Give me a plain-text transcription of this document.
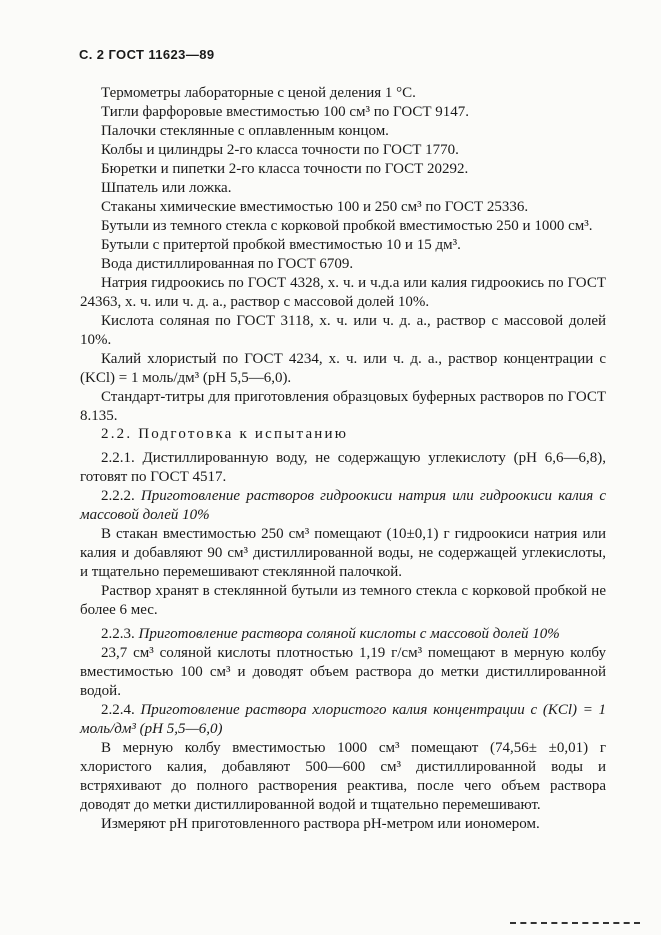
С. 2 ГОСТ 11623—89

Термометры лабораторные с ценой деления 1 °С.

Тигли фарфоровые вместимостью 100 см³ по ГОСТ 9147.

Палочки стеклянные с оплавленным концом.

Колбы и цилиндры 2-го класса точности по ГОСТ 1770.

Бюретки и пипетки 2-го класса точности по ГОСТ 20292.

Шпатель или ложка.

Стаканы химические вместимостью 100 и 250 см³ по ГОСТ 25336.

Бутыли из темного стекла с корковой пробкой вместимостью 250 и 1000 см³.

Бутыли с притертой пробкой вместимостью 10 и 15 дм³.

Вода дистиллированная по ГОСТ 6709.

Натрия гидроокись по ГОСТ 4328, х. ч. и ч.д.а или калия гидроокись по ГОСТ 24363, х. ч. или ч. д. а., раствор с массовой долей 10%.

Кислота соляная по ГОСТ 3118, х. ч. или ч. д. а., раствор с массовой долей 10%.

Калий хлористый по ГОСТ 4234, х. ч. или ч. д. а., раствор концентрации с (KCl) = 1 моль/дм³ (pH 5,5—6,0).

Стандарт-титры для приготовления образцовых буферных растворов по ГОСТ 8.135.

2.2. Подготовка к испытанию

2.2.1. Дистиллированную воду, не содержащую углекислоту (pH 6,6—6,8), готовят по ГОСТ 4517.

2.2.2. Приготовление растворов гидроокиси натрия или гидроокиси калия с массовой долей 10%

В стакан вместимостью 250 см³ помещают (10±0,1) г гидроокиси натрия или калия и добавляют 90 см³ дистиллированной воды, не содержащей углекислоты, и тщательно перемешивают стеклянной палочкой.

Раствор хранят в стеклянной бутыли из темного стекла с корковой пробкой не более 6 мес.

2.2.3. Приготовление раствора соляной кислоты с массовой долей 10%

23,7 см³ соляной кислоты плотностью 1,19 г/см³ помещают в мерную колбу вместимостью 100 см³ и доводят объем раствора до метки дистиллированной водой.

2.2.4. Приготовление раствора хлористого калия концентрации с (KCl) = 1 моль/дм³ (pH 5,5—6,0)

В мерную колбу вместимостью 1000 см³ помещают (74,56± ±0,01) г хлористого калия, добавляют 500—600 см³ дистиллированной воды и встряхивают до полного растворения реактива, после чего объем раствора доводят до метки дистиллированной водой и тщательно перемешивают.

Измеряют pH приготовленного раствора pH-метром или иономером.
